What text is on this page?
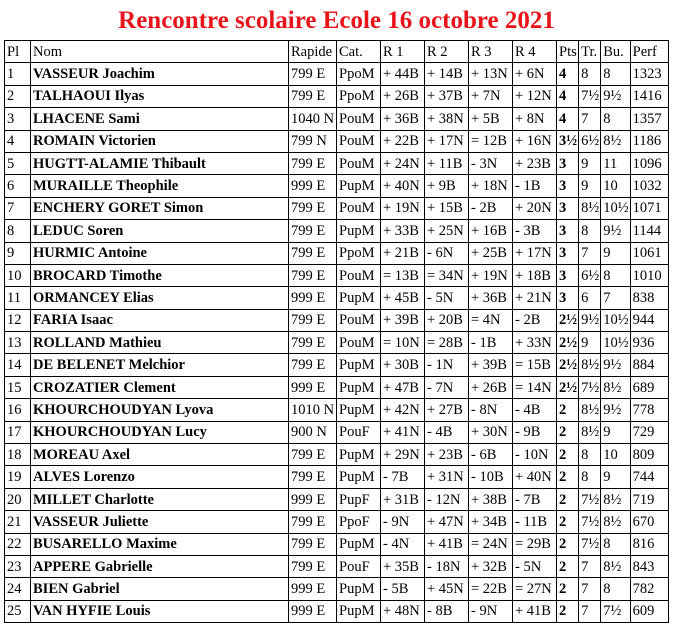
Rencontre scolaire Ecole 16 octobre 2021
Pl	Nom	Rapide	Cat.	R 1	R 2	R 3	R 4	Pts	Tr.	Bu.	Perf
1	VASSEUR Joachim	799 E	PpoM	+ 44B	+ 14B	+ 13N	+ 6N	4	8	8	1323
2	TALHAOUI Ilyas	799 E	PpoM	+ 26B	+ 37B	+ 7N	+ 12N	4	7½	9½	1416
3	LHACENE Sami	1040 N	PouM	+ 36B	+ 38N	+ 5B	+ 8N	4	7	8	1357
4	ROMAIN Victorien	799 N	PouM	+ 22B	+ 17N	= 12B	+ 16N	3½	6½	8½	1186
5	HUGTT-ALAMIE Thibault	799 E	PouM	+ 24N	+ 11B	- 3N	+ 23B	3	9	11	1096
6	MURAILLE Theophile	999 E	PupM	+ 40N	+ 9B	+ 18N	- 1B	3	9	10	1032
7	ENCHERY GORET Simon	799 E	PouM	+ 19N	+ 15B	- 2B	+ 20N	3	8½	10½	1071
8	LEDUC Soren	799 E	PupM	+ 33B	+ 25N	+ 16B	- 3B	3	8	9½	1144
9	HURMIC Antoine	799 E	PpoM	+ 21B	- 6N	+ 25B	+ 17N	3	7	9	1061
10	BROCARD Timothe	799 E	PouM	= 13B	= 34N	+ 19N	+ 18B	3	6½	8	1010
11	ORMANCEY Elias	999 E	PupM	+ 45B	- 5N	+ 36B	+ 21N	3	6	7	838
12	FARIA Isaac	799 E	PouM	+ 39B	+ 20B	= 4N	- 2B	2½	9½	10½	944
13	ROLLAND Mathieu	799 E	PouM	= 10N	= 28B	- 1B	+ 33N	2½	9	10½	936
14	DE BELENET Melchior	799 E	PupM	+ 30B	- 1N	+ 39B	= 15B	2½	8½	9½	884
15	CROZATIER Clement	999 E	PupM	+ 47B	- 7N	+ 26B	= 14N	2½	7½	8½	689
16	KHOURCHOUDYAN Lyova	1010 N	PupM	+ 42N	+ 27B	- 8N	- 4B	2	8½	9½	778
17	KHOURCHOUDYAN Lucy	900 N	PouF	+ 41N	- 4B	+ 30N	- 9B	2	8½	9	729
18	MOREAU Axel	799 E	PupM	+ 29N	+ 23B	- 6B	- 10N	2	8	10	809
19	ALVES Lorenzo	799 E	PupM	- 7B	+ 31N	- 10B	+ 40N	2	8	9	744
20	MILLET Charlotte	999 E	PupF	+ 31B	- 12N	+ 38B	- 7B	2	7½	8½	719
21	VASSEUR Juliette	799 E	PpoF	- 9N	+ 47N	+ 34B	- 11B	2	7½	8½	670
22	BUSARELLO Maxime	799 E	PupM	- 4N	+ 41B	= 24N	= 29B	2	7½	8	816
23	APPERE Gabrielle	799 E	PouF	+ 35B	- 18N	+ 32B	- 5N	2	7	8½	843
24	BIEN Gabriel	999 E	PupM	- 5B	+ 45N	= 22B	= 27N	2	7	8	782
25	VAN HYFIE Louis	999 E	PupM	+ 48N	- 8B	- 9N	+ 41B	2	7	7½	609
